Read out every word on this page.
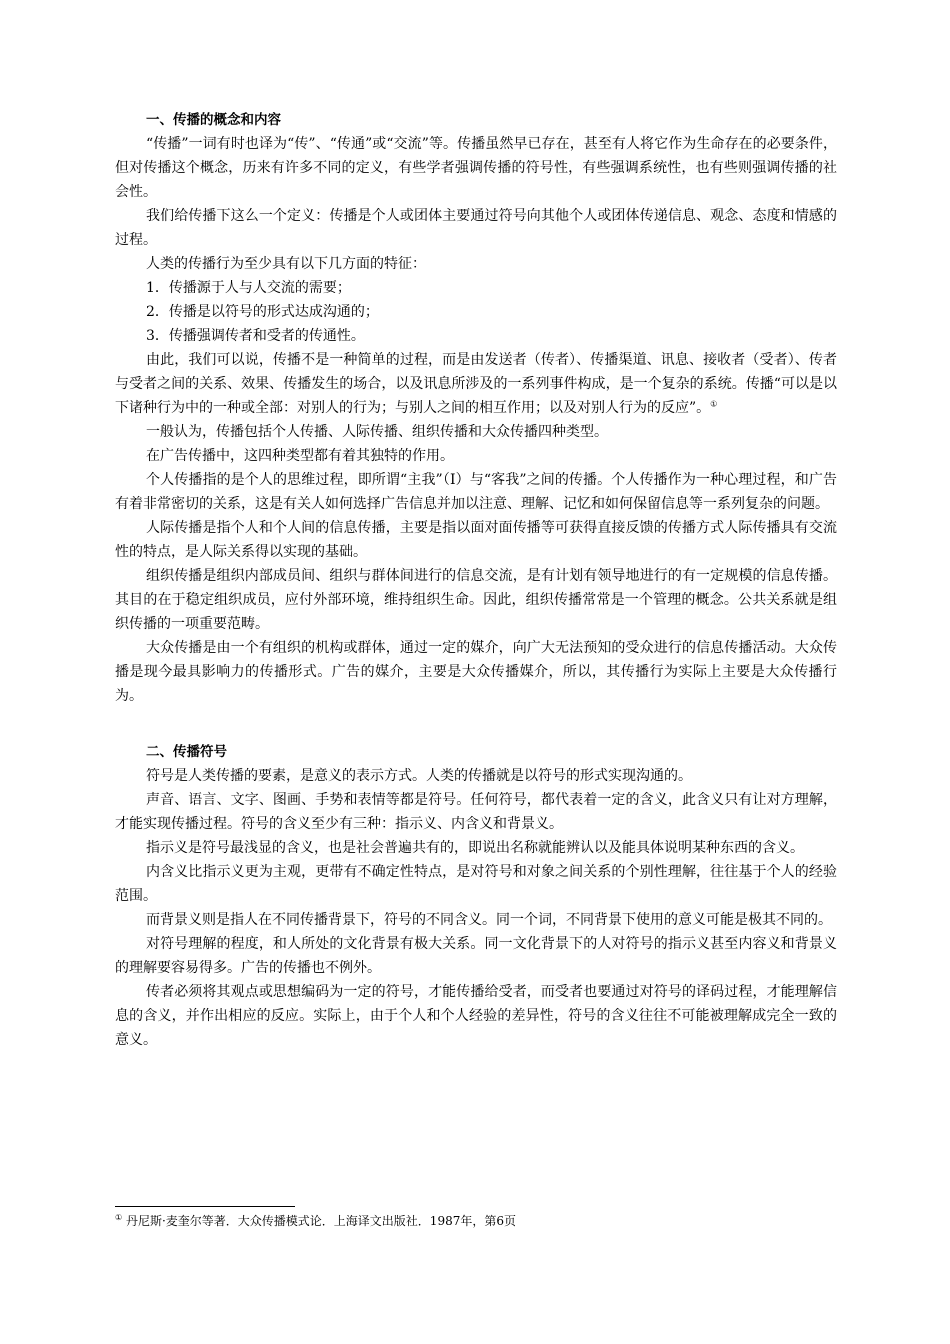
一、传播的概念和内容

“传播”一词有时也译为“传”、“传通”或“交流”等。传播虽然早已存在，甚至有人将它作为生命存在的必要条件，但对传播这个概念，历来有许多不同的定义，有些学者强调传播的符号性，有些强调系统性，也有些则强调传播的社会性。

我们给传播下这么一个定义：传播是个人或团体主要通过符号向其他个人或团体传递信息、观念、态度和情感的过程。

人类的传播行为至少具有以下几方面的特征：

1．传播源于人与人交流的需要；

2．传播是以符号的形式达成沟通的；

3．传播强调传者和受者的传通性。

由此，我们可以说，传播不是一种简单的过程，而是由发送者（传者）、传播渠道、讯息、接收者（受者）、传者与受者之间的关系、效果、传播发生的场合，以及讯息所涉及的一系列事件构成，是一个复杂的系统。传播“可以是以下诸种行为中的一种或全部：对别人的行为；与别人之间的相互作用；以及对别人行为的反应”。①

一般认为，传播包括个人传播、人际传播、组织传播和大众传播四种类型。

在广告传播中，这四种类型都有着其独特的作用。

个人传播指的是个人的思维过程，即所谓“主我”（I）与“客我”之间的传播。个人传播作为一种心理过程，和广告有着非常密切的关系，这是有关人如何选择广告信息并加以注意、理解、记忆和如何保留信息等一系列复杂的问题。

人际传播是指个人和个人间的信息传播，主要是指以面对面传播等可获得直接反馈的传播方式人际传播具有交流性的特点，是人际关系得以实现的基础。

组织传播是组织内部成员间、组织与群体间进行的信息交流，是有计划有领导地进行的有一定规模的信息传播。其目的在于稳定组织成员，应付外部环境，维持组织生命。因此，组织传播常常是一个管理的概念。公共关系就是组织传播的一项重要范畴。

大众传播是由一个有组织的机构或群体，通过一定的媒介，向广大无法预知的受众进行的信息传播活动。大众传播是现今最具影响力的传播形式。广告的媒介，主要是大众传播媒介，所以，其传播行为实际上主要是大众传播行为。

二、传播符号

符号是人类传播的要素，是意义的表示方式。人类的传播就是以符号的形式实现沟通的。

声音、语言、文字、图画、手势和表情等都是符号。任何符号，都代表着一定的含义，此含义只有让对方理解，才能实现传播过程。符号的含义至少有三种：指示义、内含义和背景义。

指示义是符号最浅显的含义，也是社会普遍共有的，即说出名称就能辨认以及能具体说明某种东西的含义。

内含义比指示义更为主观，更带有不确定性特点，是对符号和对象之间关系的个别性理解，往往基于个人的经验范围。

而背景义则是指人在不同传播背景下，符号的不同含义。同一个词，不同背景下使用的意义可能是极其不同的。

对符号理解的程度，和人所处的文化背景有极大关系。同一文化背景下的人对符号的指示义甚至内容义和背景义的理解要容易得多。广告的传播也不例外。

传者必须将其观点或思想编码为一定的符号，才能传播给受者，而受者也要通过对符号的译码过程，才能理解信息的含义，并作出相应的反应。实际上，由于个人和个人经验的差异性，符号的含义往往不可能被理解成完全一致的意义。

① 丹尼斯·麦奎尔等著．大众传播模式论．上海译文出版社．1987年，第6页
